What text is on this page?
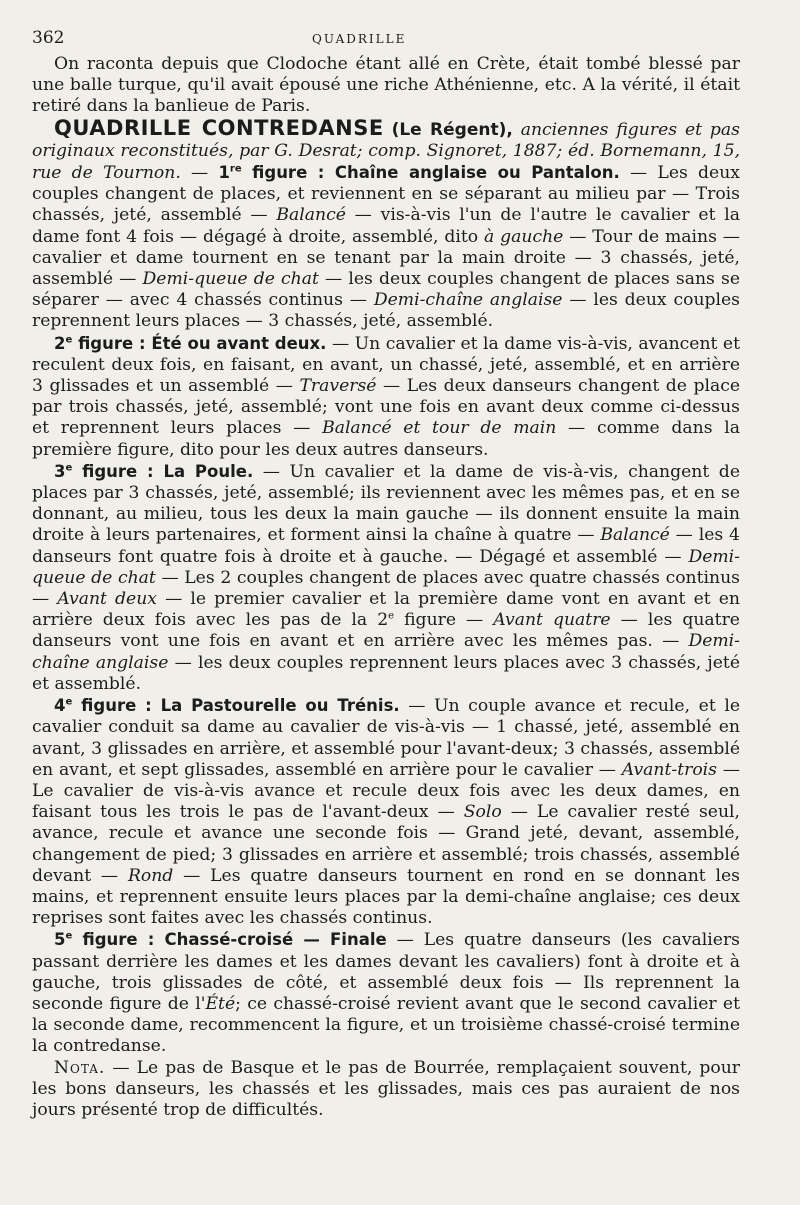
362	QUADRILLE

On raconta depuis que Clodoche étant allé en Crète, était tombé blessé par une balle turque, qu'il avait épousé une riche Athénienne, etc. A la vérité, il était retiré dans la banlieue de Paris.

QUADRILLE CONTREDANSE (Le Régent), anciennes figures et pas originaux reconstitués, par G. Desrat; comp. Signoret, 1887; éd. Bornemann, 15, rue de Tournon. — 1re figure : Chaîne anglaise ou Pantalon. — Les deux couples changent de places, et reviennent en se séparant au milieu par — Trois chassés, jeté, assemblé — Balancé — vis-à-vis l'un de l'autre le cavalier et la dame font 4 fois — dégagé à droite, assemblé, dito à gauche — Tour de mains — cavalier et dame tournent en se tenant par la main droite — 3 chassés, jeté, assemblé — Demi-queue de chat — les deux couples changent de places sans se séparer — avec 4 chassés continus — Demi-chaîne anglaise — les deux couples reprennent leurs places — 3 chassés, jeté, assemblé.

2e figure : Été ou avant deux. — Un cavalier et la dame vis-à-vis, avancent et reculent deux fois, en faisant, en avant, un chassé, jeté, assemblé, et en arrière 3 glissades et un assemblé — Traversé — Les deux danseurs changent de place par trois chassés, jeté, assemblé; vont une fois en avant deux comme ci-dessus et reprennent leurs places — Balancé et tour de main — comme dans la première figure, dito pour les deux autres danseurs.

3e figure : La Poule. — Un cavalier et la dame de vis-à-vis, changent de places par 3 chassés, jeté, assemblé; ils reviennent avec les mêmes pas, et en se donnant, au milieu, tous les deux la main gauche — ils donnent ensuite la main droite à leurs partenaires, et forment ainsi la chaîne à quatre — Balancé — les 4 danseurs font quatre fois à droite et à gauche. — Dégagé et assemblé — Demi-queue de chat — Les 2 couples changent de places avec quatre chassés continus — Avant deux — le premier cavalier et la première dame vont en avant et en arrière deux fois avec les pas de la 2e figure — Avant quatre — les quatre danseurs vont une fois en avant et en arrière avec les mêmes pas. — Demi-chaîne anglaise — les deux couples reprennent leurs places avec 3 chassés, jeté et assemblé.

4e figure : La Pastourelle ou Trénis. — Un couple avance et recule, et le cavalier conduit sa dame au cavalier de vis-à-vis — 1 chassé, jeté, assemblé en avant, 3 glissades en arrière, et assemblé pour l'avant-deux; 3 chassés, assemblé en avant, et sept glissades, assemblé en arrière pour le cavalier — Avant-trois — Le cavalier de vis-à-vis avance et recule deux fois avec les deux dames, en faisant tous les trois le pas de l'avant-deux — Solo — Le cavalier resté seul, avance, recule et avance une seconde fois — Grand jeté, devant, assemblé, changement de pied; 3 glissades en arrière et assemblé; trois chassés, assemblé devant — Rond — Les quatre danseurs tournent en rond en se donnant les mains, et reprennent ensuite leurs places par la demi-chaîne anglaise; ces deux reprises sont faites avec les chassés continus.

5e figure : Chassé-croisé — Finale — Les quatre danseurs (les cavaliers passant derrière les dames et les dames devant les cavaliers) font à droite et à gauche, trois glissades de côté, et assemblé deux fois — Ils reprennent la seconde figure de l'Été; ce chassé-croisé revient avant que le second cavalier et la seconde dame, recommencent la figure, et un troisième chassé-croisé termine la contredanse.

Nota. — Le pas de Basque et le pas de Bourrée, remplaçaient souvent, pour les bons danseurs, les chassés et les glissades, mais ces pas auraient de nos jours présenté trop de difficultés.
